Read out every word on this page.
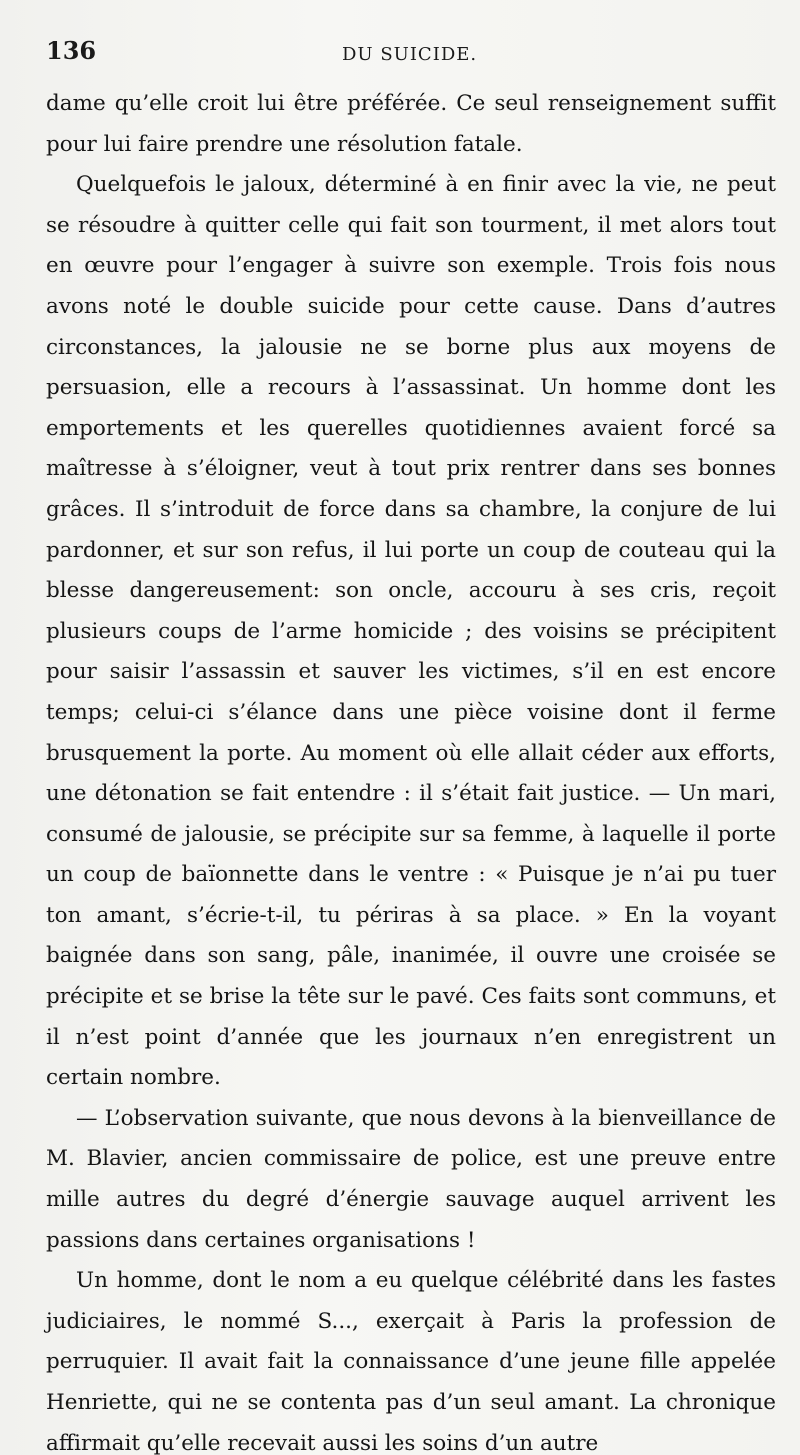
136	DU SUICIDE.

dame qu’elle croit lui être préférée. Ce seul renseignement suffit pour lui faire prendre une résolution fatale.

Quelquefois le jaloux, déterminé à en finir avec la vie, ne peut se résoudre à quitter celle qui fait son tourment, il met alors tout en œuvre pour l’engager à suivre son exemple. Trois fois nous avons noté le double suicide pour cette cause. Dans d’autres circonstances, la jalousie ne se borne plus aux moyens de persuasion, elle a recours à l’assassinat. Un homme dont les emportements et les querelles quotidiennes avaient forcé sa maîtresse à s’éloigner, veut à tout prix rentrer dans ses bonnes grâces. Il s’introduit de force dans sa chambre, la conjure de lui pardonner, et sur son refus, il lui porte un coup de couteau qui la blesse dangereusement: son oncle, accouru à ses cris, reçoit plusieurs coups de l’arme homicide ; des voisins se précipitent pour saisir l’assassin et sauver les victimes, s’il en est encore temps; celui-ci s’élance dans une pièce voisine dont il ferme brusquement la porte. Au moment où elle allait céder aux efforts, une détonation se fait entendre : il s’était fait justice. — Un mari, consumé de jalousie, se précipite sur sa femme, à laquelle il porte un coup de baïonnette dans le ventre : « Puisque je n’ai pu tuer ton amant, s’écrie-t-il, tu périras à sa place. » En la voyant baignée dans son sang, pâle, inanimée, il ouvre une croisée se précipite et se brise la tête sur le pavé. Ces faits sont communs, et il n’est point d’année que les journaux n’en enregistrent un certain nombre.

— L’observation suivante, que nous devons à la bienveillance de M. Blavier, ancien commissaire de police, est une preuve entre mille autres du degré d’énergie sauvage auquel arrivent les passions dans certaines organisations !

Un homme, dont le nom a eu quelque célébrité dans les fastes judiciaires, le nommé S..., exerçait à Paris la profession de perruquier. Il avait fait la connaissance d’une jeune fille appelée Henriette, qui ne se contenta pas d’un seul amant. La chronique affirmait qu’elle recevait aussi les soins d’un autre
